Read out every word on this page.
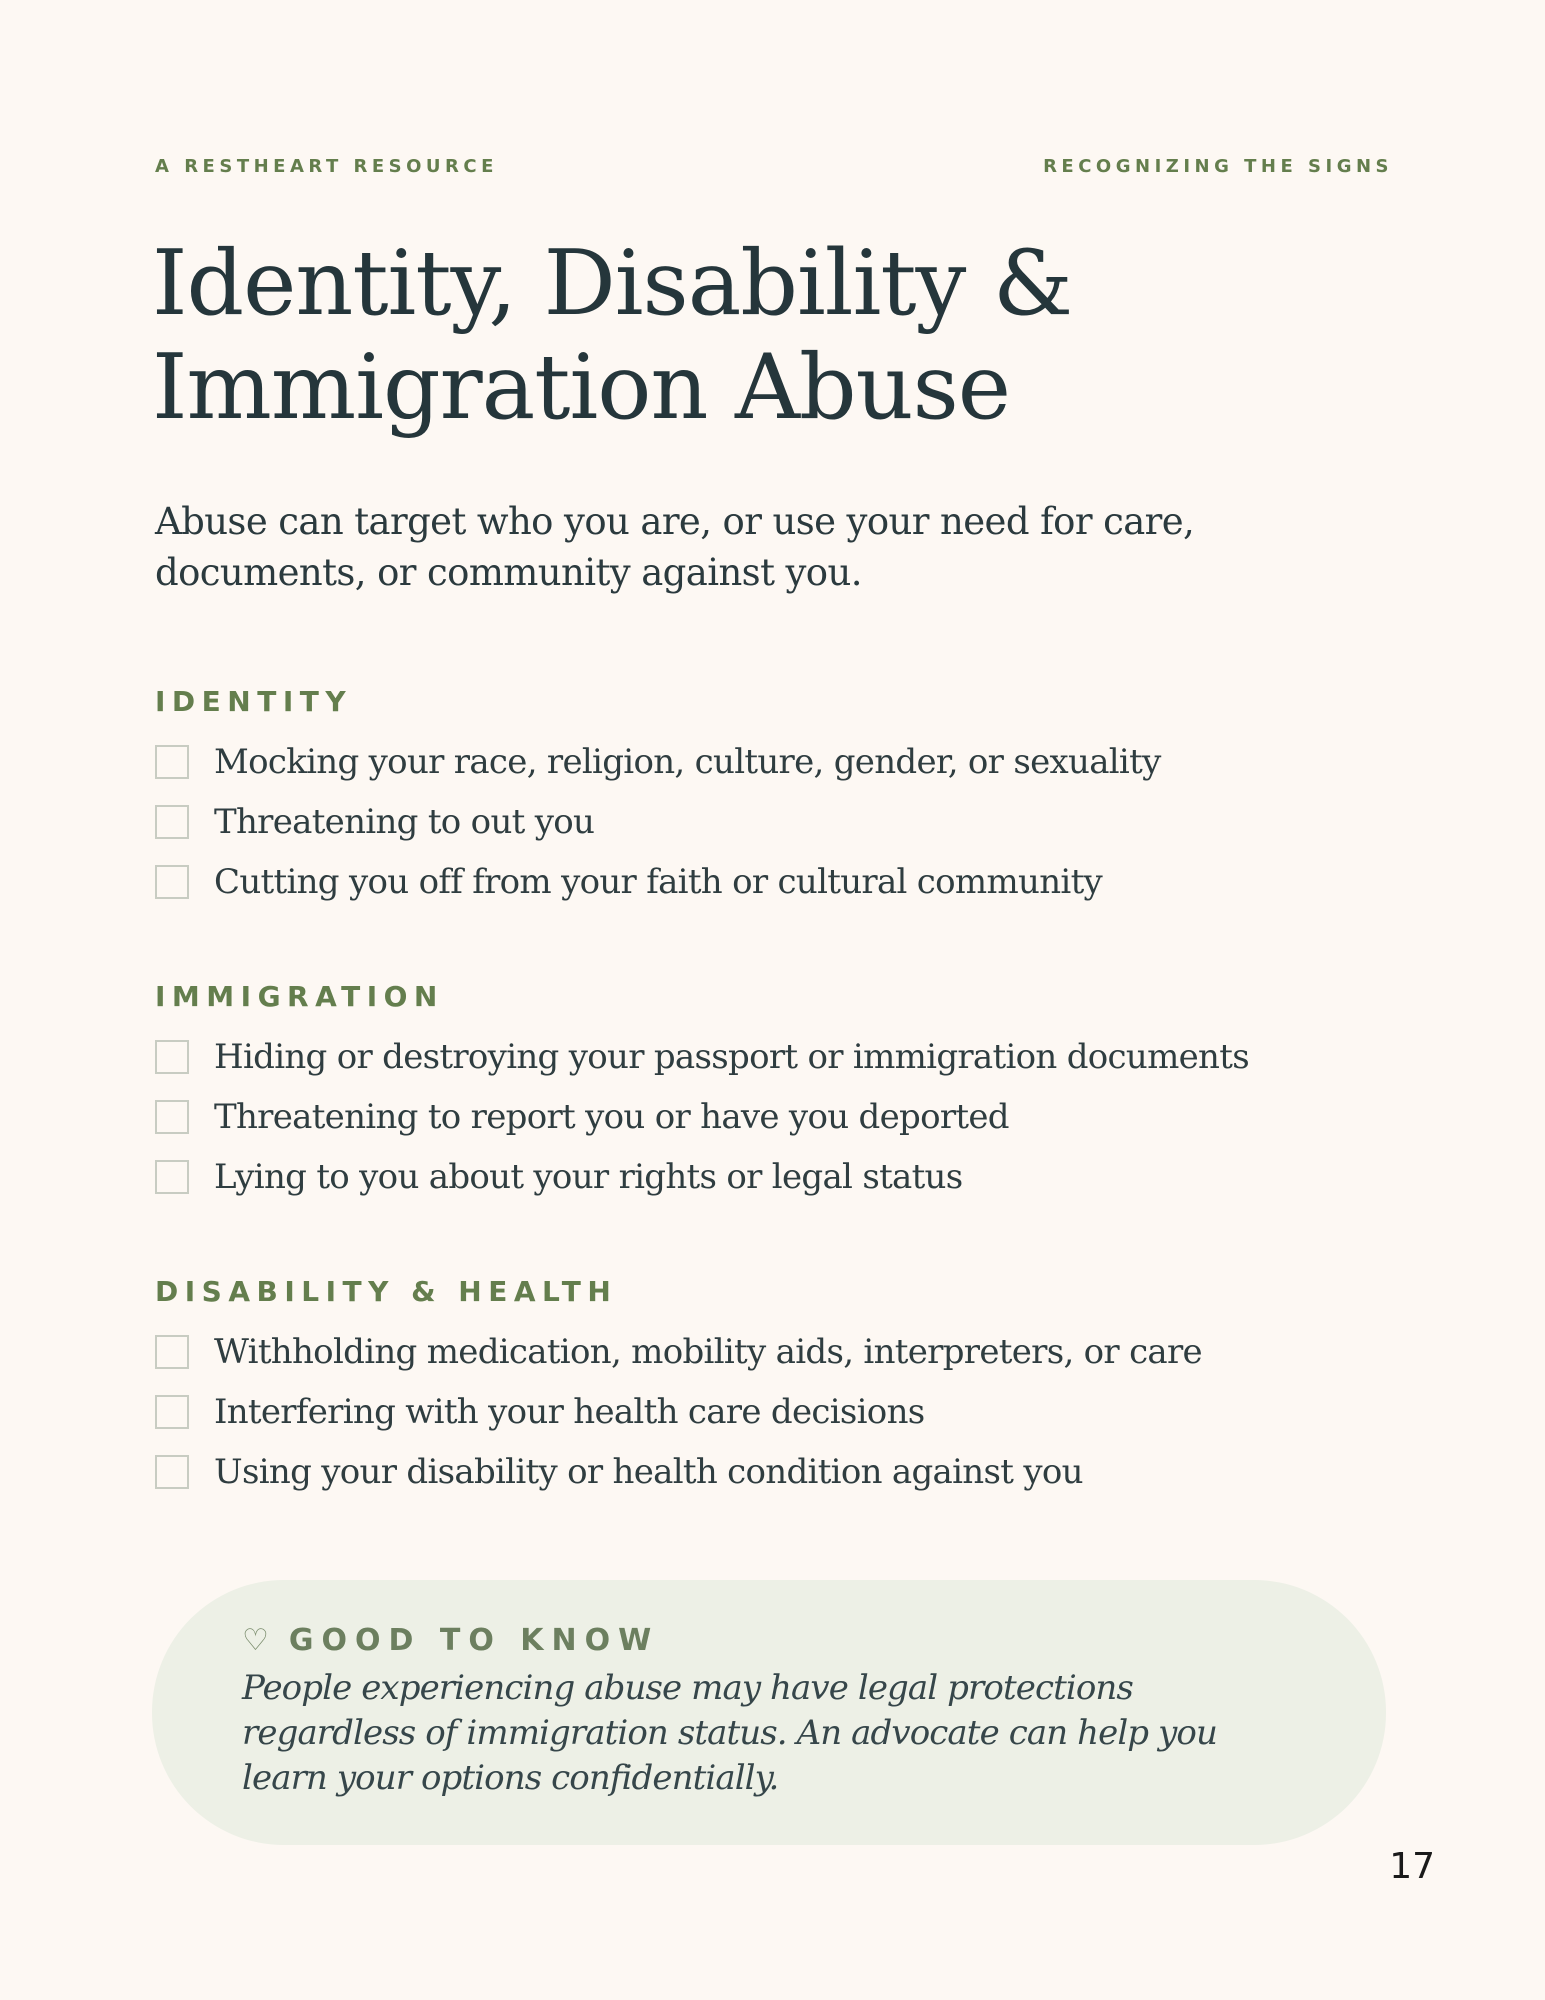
A RESTHEART RESOURCE	RECOGNIZING THE SIGNS
Identity, Disability &
Immigration Abuse

Abuse can target who you are, or use your need for care, documents, or community against you.

IDENTITY
Mocking your race, religion, culture, gender, or sexuality
Threatening to out you
Cutting you off from your faith or cultural community
IMMIGRATION
Hiding or destroying your passport or immigration documents
Threatening to report you or have you deported
Lying to you about your rights or legal status
DISABILITY & HEALTH
Withholding medication, mobility aids, interpreters, or care
Interfering with your health care decisions
Using your disability or health condition against you
♡ GOOD TO KNOW

People experiencing abuse may have legal protections regardless of immigration status. An advocate can help you learn your options confidentially.

17
